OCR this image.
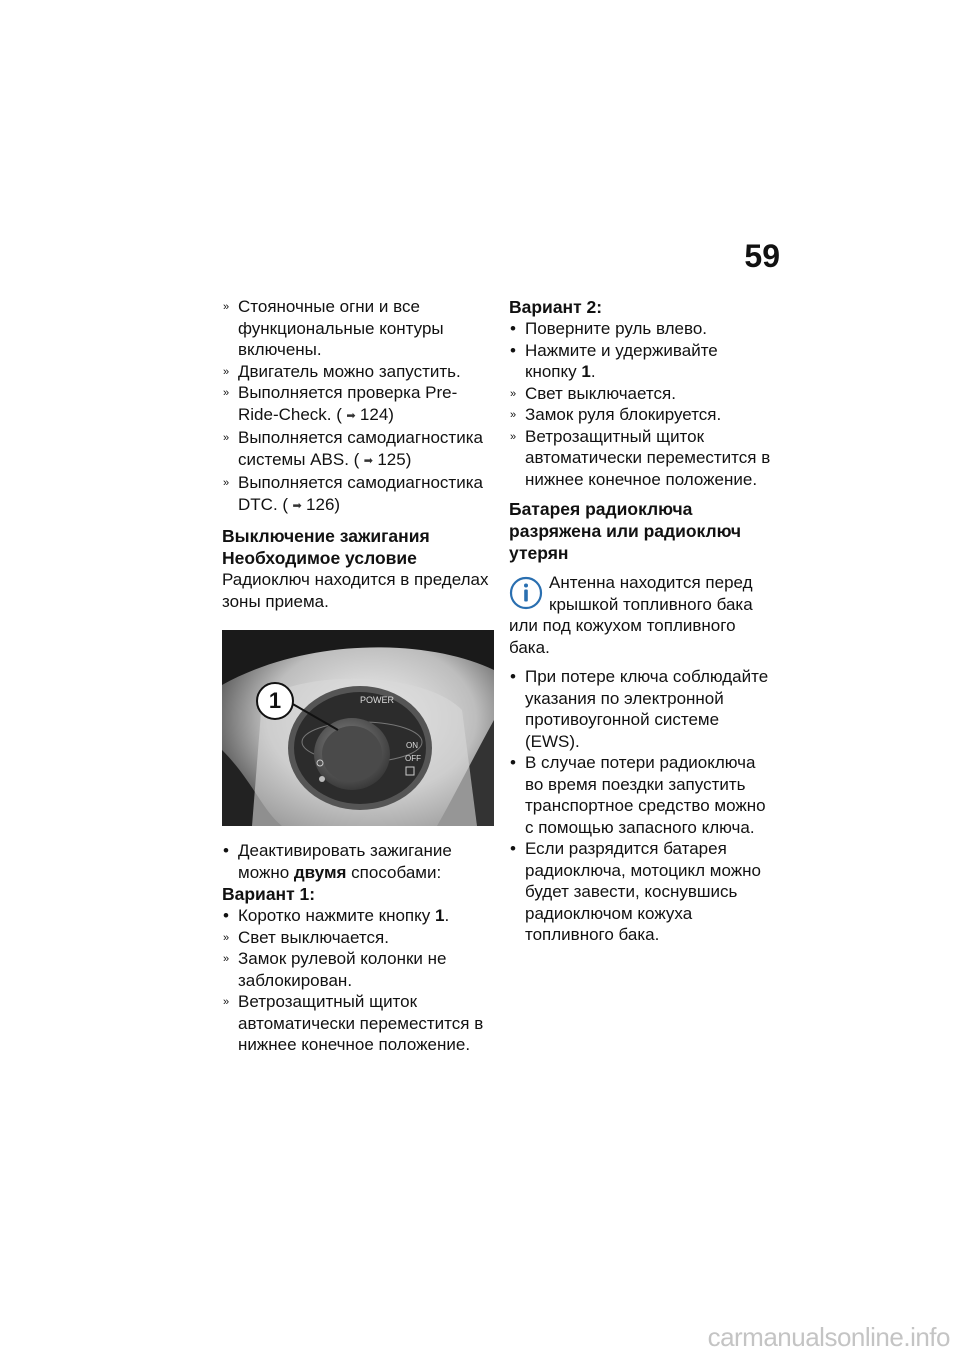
59
» Стояночные огни и все функциональные контуры включены.
» Двигатель можно запустить.
» Выполняется проверка Pre-Ride-Check. ( ➡ 124)
» Выполняется самодиагностика системы ABS. ( ➡ 125)
» Выполняется самодиагностика DTC. ( ➡ 126)
Выключение зажигания
Необходимое условие

Радиоключ находится в пределах зоны приема.

POWER
ON
OFF
1
• Деактивировать зажигание можно двумя способами:
Вариант 1:
• Коротко нажмите кнопку 1.
» Свет выключается.
» Замок рулевой колонки не заблокирован.
» Ветрозащитный щиток автоматически переместится в нижнее конечное положение.
Вариант 2:
• Поверните руль влево.
• Нажмите и удерживайте кнопку 1.
» Свет выключается.
» Замок руля блокируется.
» Ветрозащитный щиток автоматически переместится в нижнее конечное положение.
Батарея радиоключа разряжена или радиоключ утерян
Антенна находится перед крышкой топливного бака

или под кожухом топливного бака.

• При потере ключа соблюдайте указания по электронной противоугонной системе (EWS).
• В случае потери радиоключа во время поездки запустить транспортное средство можно с помощью запасного ключа.
• Если разрядится батарея радиоключа, мотоцикл можно будет завести, коснувшись радиоключом кожуха топливного бака.
carmanualsonline.info
